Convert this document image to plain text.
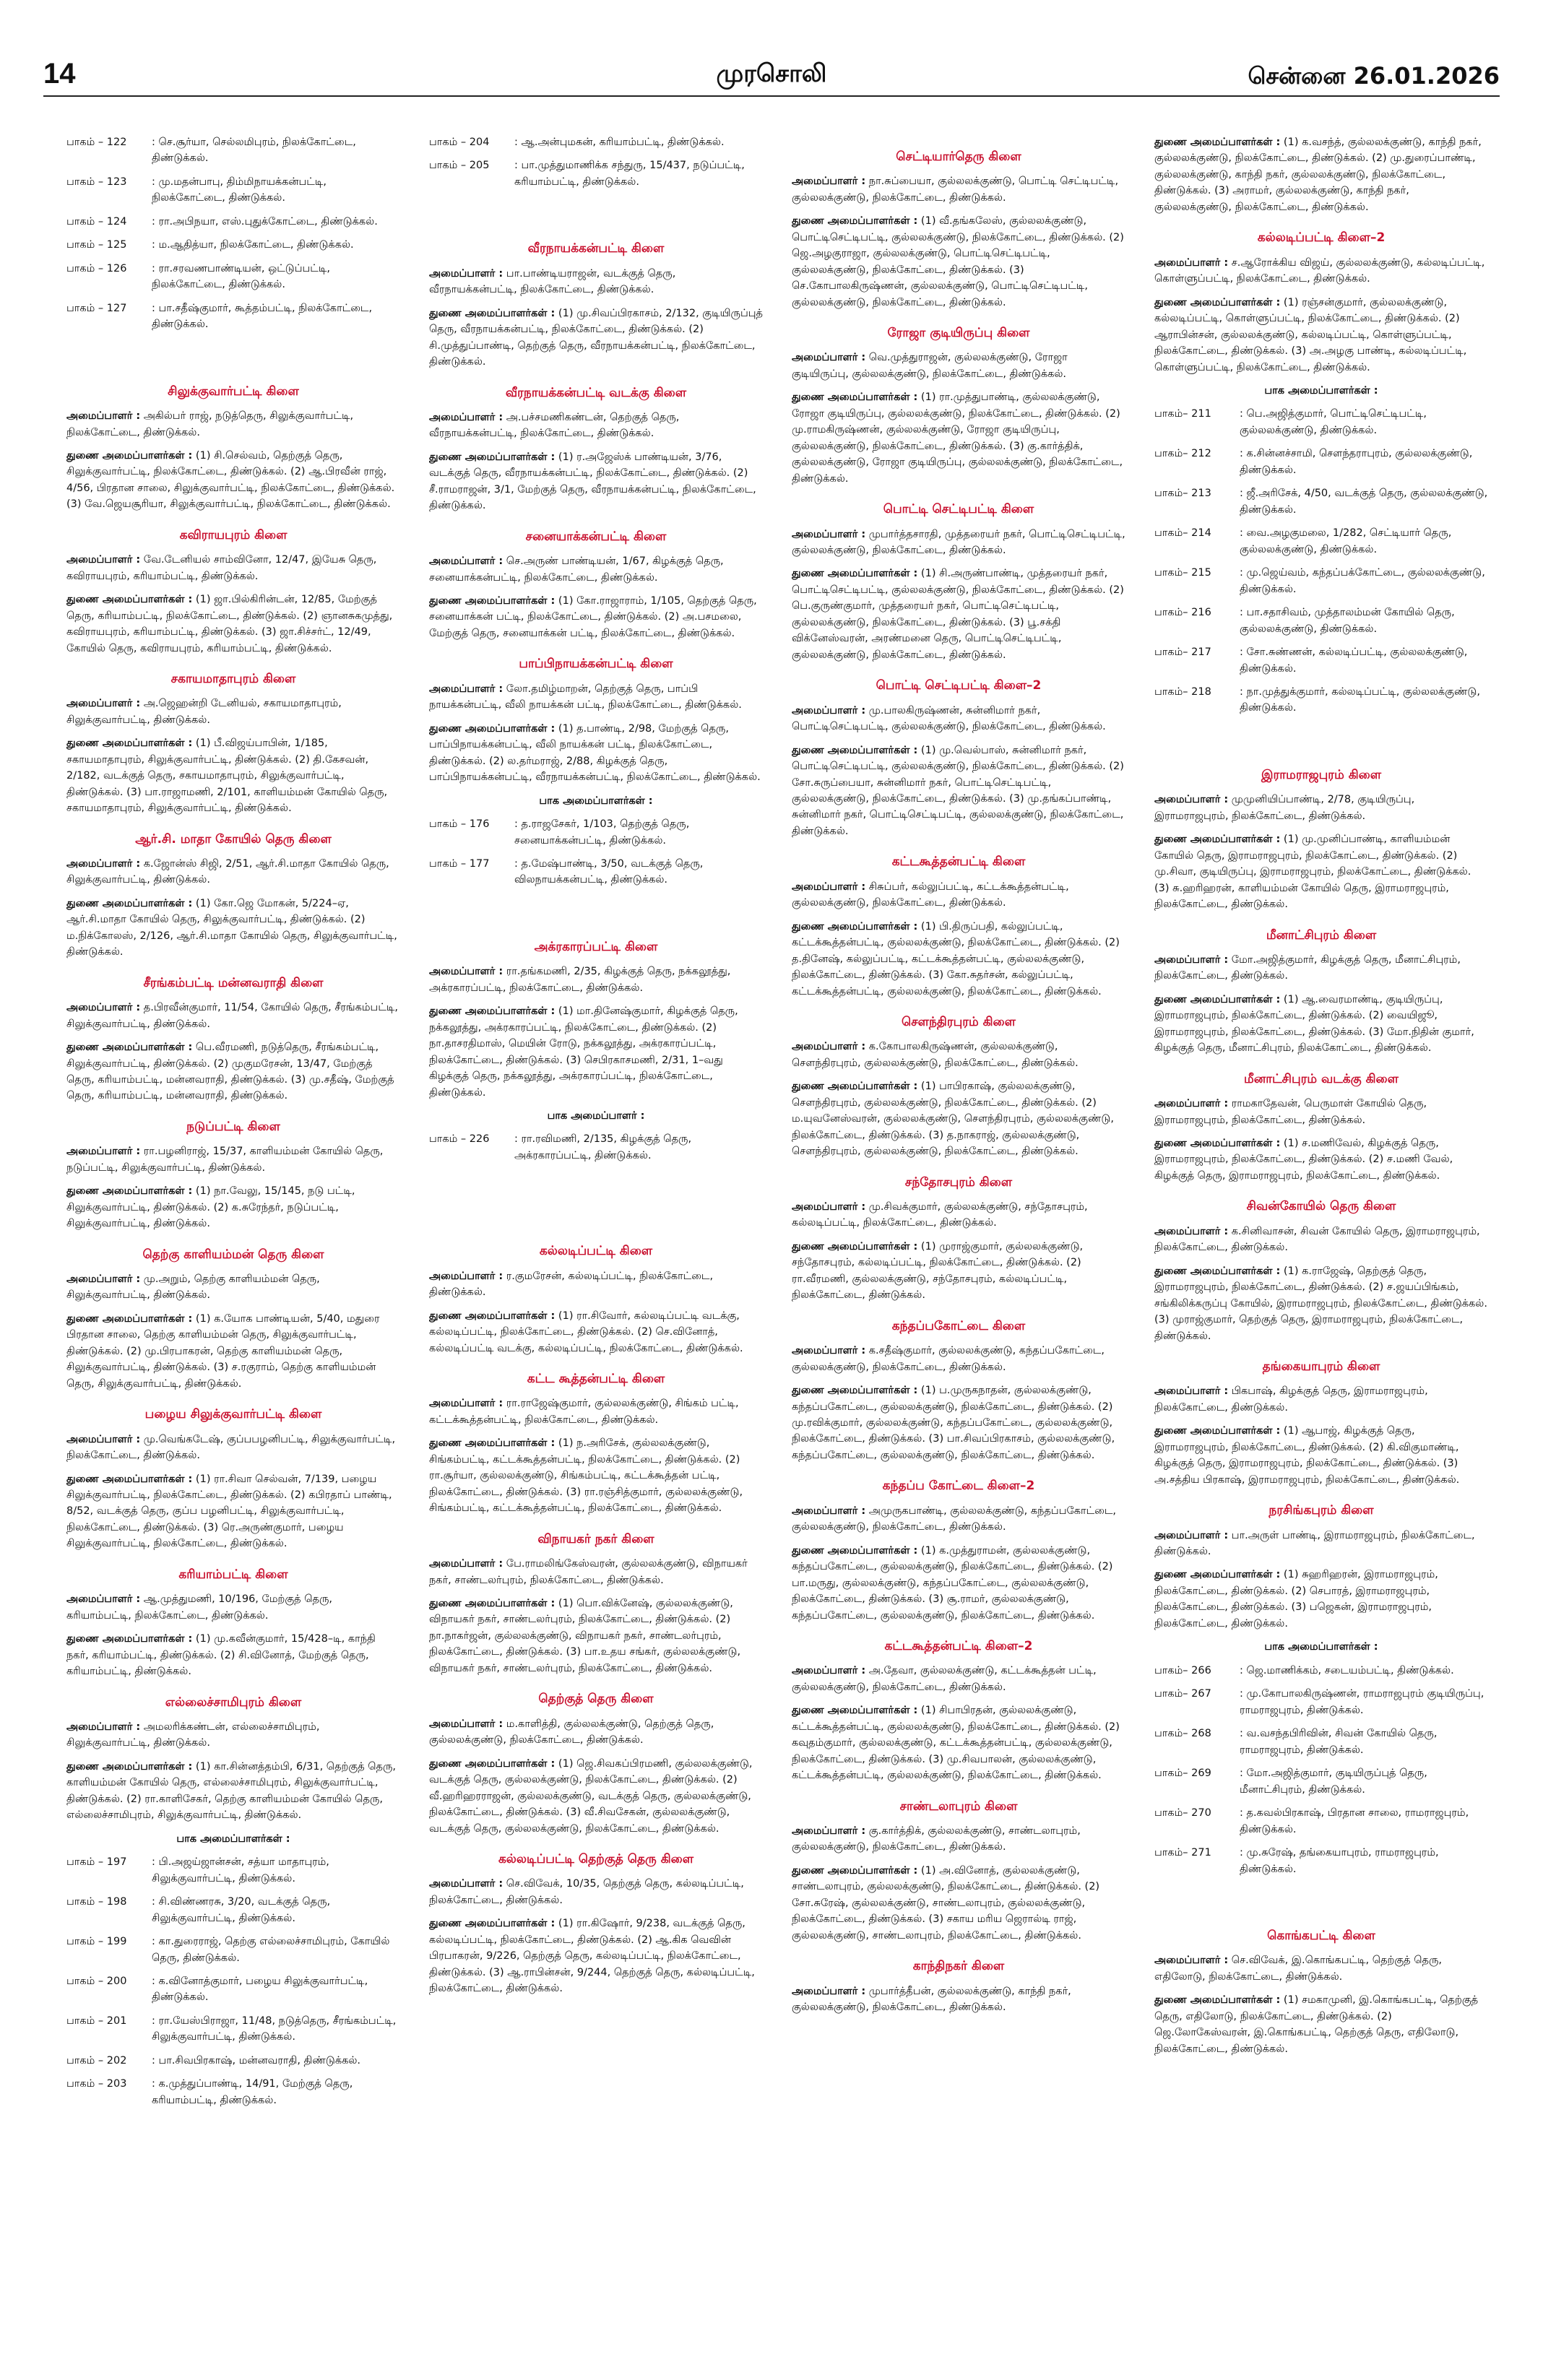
14	முரசொலி	சென்னை 26.01.2026
பாகம் – 122	: செ.சூர்யா, செல்லமிபுரம், நிலக்கோட்டை, திண்டுக்கல்.
பாகம் – 123	: மு.மதன்பாபு, திம்மிநாயக்கன்பட்டி, நிலக்கோட்டை, திண்டுக்கல்.
பாகம் – 124	: ரா.அபிநயா, எஸ்.புதுக்கோட்டை, திண்டுக்கல்.
பாகம் – 125	: ம.ஆதித்யா, நிலக்கோட்டை, திண்டுக்கல்.
பாகம் – 126	: ரா.சரவணபாண்டியன், ஒட்டுப்பட்டி, நிலக்கோட்டை, திண்டுக்கல்.
பாகம் – 127	: பா.சதீஷ்குமார், கூத்தம்பட்டி, நிலக்கோட்டை, திண்டுக்கல்.
சிலுக்குவார்பட்டி கிளை

அமைப்பாளர் : அகில்பர் ராஜ், நடுத்தெரு, சிலுக்குவார்பட்டி, நிலக்கோட்டை, திண்டுக்கல்.

துணை அமைப்பாளர்கள் : (1) சி.செல்வம், தெற்குத் தெரு, சிலுக்குவார்பட்டி, நிலக்கோட்டை, திண்டுக்கல். (2) ஆ.பிரவீன் ராஜ், 4/56, பிரதான சாலை, சிலுக்குவார்பட்டி, நிலக்கோட்டை, திண்டுக்கல். (3) வே.ஜெயசூரியா, சிலுக்குவார்பட்டி, நிலக்கோட்டை, திண்டுக்கல்.

கவிராயபுரம் கிளை

அமைப்பாளர் : வே.டேனியல் சாம்வினோ, 12/47, இயேசு தெரு, கவிராயபுரம், கரியாம்பட்டி, திண்டுக்கல்.

துணை அமைப்பாளர்கள் : (1) ஜா.பில்கிரின்டன், 12/85, மேற்குத் தெரு, கரியாம்பட்டி, நிலக்கோட்டை, திண்டுக்கல். (2) ஞானசுகமுத்து, கவிராயபுரம், கரியாம்பட்டி, திண்டுக்கல். (3) ஜா.சிச்சர்ட், 12/49, கோயில் தெரு, கவிராயபுரம், கரியாம்பட்டி, திண்டுக்கல்.

சகாயமாதாபுரம் கிளை

அமைப்பாளர் : அ.ஜெஹன்றி டேனியல், சகாயமாதாபுரம், சிலுக்குவார்பட்டி, திண்டுக்கல்.

துணை அமைப்பாளர்கள் : (1) பீ.விஜய்பாபின், 1/185, சகாயமாதாபுரம், சிலுக்குவார்பட்டி, திண்டுக்கல். (2) தி.கேசவன், 2/182, வடக்குத் தெரு, சகாயமாதாபுரம், சிலுக்குவார்பட்டி, திண்டுக்கல். (3) பா.ராஜாமணி, 2/101, காளியம்மன் கோயில் தெரு, சகாயமாதாபுரம், சிலுக்குவார்பட்டி, திண்டுக்கல்.

ஆர்.சி. மாதா கோயில் தெரு கிளை

அமைப்பாளர் : க.ஜோன்ஸ் சிஜி, 2/51, ஆர்.சி.மாதா கோயில் தெரு, சிலுக்குவார்பட்டி, திண்டுக்கல்.

துணை அமைப்பாளர்கள் : (1) கோ.ஜெ மோகன், 5/224–ஏ, ஆர்.சி.மாதா கோயில் தெரு, சிலுக்குவார்பட்டி, திண்டுக்கல். (2) ம.நிக்கோலஸ், 2/126, ஆர்.சி.மாதா கோயில் தெரு, சிலுக்குவார்பட்டி, திண்டுக்கல்.

சீரங்கம்பட்டி மன்னவராதி கிளை

அமைப்பாளர் : த.பிரவீன்குமார், 11/54, கோயில் தெரு, சீரங்கம்பட்டி, சிலுக்குவார்பட்டி, திண்டுக்கல்.

துணை அமைப்பாளர்கள் : பெ.வீரமணி, நடுத்தெரு, சீரங்கம்பட்டி, சிலுக்குவார்பட்டி, திண்டுக்கல். (2) முகுமரேசன், 13/47, மேற்குத் தெரு, கரியாம்பட்டி, மன்னவராதி, திண்டுக்கல். (3) மு.சதீஷ், மேற்குத் தெரு, கரியாம்பட்டி, மன்னவராதி, திண்டுக்கல்.

நடுப்பட்டி கிளை

அமைப்பாளர் : ரா.பழனிராஜ், 15/37, காளியம்மன் கோயில் தெரு, நடுப்பட்டி, சிலுக்குவார்பட்டி, திண்டுக்கல்.

துணை அமைப்பாளர்கள் : (1) நா.வேலு, 15/145, நடு பட்டி, சிலுக்குவார்பட்டி, திண்டுக்கல். (2) க.சுரேந்தர், நடுப்பட்டி, சிலுக்குவார்பட்டி, திண்டுக்கல்.

தெற்கு காளியம்மன் தெரு கிளை

அமைப்பாளர் : மு.அறும், தெற்கு காளியம்மன் தெரு, சிலுக்குவார்பட்டி, திண்டுக்கல்.

துணை அமைப்பாளர்கள் : (1) க.யோக பாண்டியன், 5/40, மதுரை பிரதான சாலை, தெற்கு காளியம்மன் தெரு, சிலுக்குவார்பட்டி, திண்டுக்கல். (2) மு.பிரபாகரன், தெற்கு காளியம்மன் தெரு, சிலுக்குவார்பட்டி, திண்டுக்கல். (3) ச.ரகுராம், தெற்கு காளியம்மன் தெரு, சிலுக்குவார்பட்டி, திண்டுக்கல்.

பழைய சிலுக்குவார்பட்டி கிளை

அமைப்பாளர் : மு.வெங்கடேஷ், குப்பபழனிபட்டி, சிலுக்குவார்பட்டி, நிலக்கோட்டை, திண்டுக்கல்.

துணை அமைப்பாளர்கள் : (1) ரா.சிவா செல்வன், 7/139, பழைய சிலுக்குவார்பட்டி, நிலக்கோட்டை, திண்டுக்கல். (2) கபிரதாப் பாண்டி, 8/52, வடக்குத் தெரு, குப்ப பழனிபட்டி, சிலுக்குவார்பட்டி, நிலக்கோட்டை, திண்டுக்கல். (3) ரெ.அருண்குமார், பழைய சிலுக்குவார்பட்டி, நிலக்கோட்டை, திண்டுக்கல்.

கரியாம்பட்டி கிளை

அமைப்பாளர் : ஆ.முத்துமணி, 10/196, மேற்குத் தெரு, கரியாம்பட்டி, நிலக்கோட்டை, திண்டுக்கல்.

துணை அமைப்பாளர்கள் : (1) மு.கவீன்குமார், 15/428–டி, காந்தி நகர், கரியாம்பட்டி, திண்டுக்கல். (2) சி.வினோத், மேற்குத் தெரு, கரியாம்பட்டி, திண்டுக்கல்.

எல்லைச்சாமிபுரம் கிளை

அமைப்பாளர் : அமலரிக்கண்டன், எல்லைச்சாமிபுரம், சிலுக்குவார்பட்டி, திண்டுக்கல்.

துணை அமைப்பாளர்கள் : (1) கா.சின்னத்தம்பி, 6/31, தெற்குத் தெரு, காளியம்மன் கோயில் தெரு, எல்லைச்சாமிபுரம், சிலுக்குவார்பட்டி, திண்டுக்கல். (2) ரா.காளிசேகர், தெற்கு காளியம்மன் கோயில் தெரு, எல்லைச்சாமிபுரம், சிலுக்குவார்பட்டி, திண்டுக்கல்.

பாக அமைப்பாளர்கள் :
பாகம் – 197	: பி.அஜய்ஜான்சன், சத்யா மாதாபுரம், சிலுக்குவார்பட்டி, திண்டுக்கல்.
பாகம் – 198	: சி.விண்ணரசு, 3/20, வடக்குத் தெரு, சிலுக்குவார்பட்டி, திண்டுக்கல்.
பாகம் – 199	: கா.துரைராஜ், தெற்கு எல்லைச்சாமிபுரம், கோயில் தெரு, திண்டுக்கல்.
பாகம் – 200	: க.வினோத்குமார், பழைய சிலுக்குவார்பட்டி, திண்டுக்கல்.
பாகம் – 201	: ரா.யேஸ்பிராஜா, 11/48, நடுத்தெரு, சீரங்கம்பட்டி, சிலுக்குவார்பட்டி, திண்டுக்கல்.
பாகம் – 202	: பா.சிவபிரகாஷ், மன்னவராதி, திண்டுக்கல்.
பாகம் – 203	: க.முத்துப்பாண்டி, 14/91, மேற்குத் தெரு, கரியாம்பட்டி, திண்டுக்கல்.
பாகம் – 204	: ஆ.அன்புமகன், கரியாம்பட்டி, திண்டுக்கல்.
பாகம் – 205	: பா.முத்துமாணிக்க சந்துரு, 15/437, நடுப்பட்டி, கரியாம்பட்டி, திண்டுக்கல்.
வீரநாயக்கன்பட்டி கிளை

அமைப்பாளர் : பா.பாண்டியராஜன், வடக்குத் தெரு, வீரநாயக்கன்பட்டி, நிலக்கோட்டை, திண்டுக்கல்.

துணை அமைப்பாளர்கள் : (1) மு.சிவப்பிரகாசம், 2/132, குடியிருப்புத் தெரு, வீரநாயக்கன்பட்டி, நிலக்கோட்டை, திண்டுக்கல். (2) சி.முத்துப்பாண்டி, தெற்குத் தெரு, வீரநாயக்கன்பட்டி, நிலக்கோட்டை, திண்டுக்கல்.

வீரநாயக்கன்பட்டி வடக்கு கிளை

அமைப்பாளர் : அ.பச்சமணிகண்டன், தெற்குத் தெரு, வீரநாயக்கன்பட்டி, நிலக்கோட்டை, திண்டுக்கல்.

துணை அமைப்பாளர்கள் : (1) ர.அஜேஸ்க் பாண்டியன், 3/76, வடக்குத் தெரு, வீரநாயக்கன்பட்டி, நிலக்கோட்டை, திண்டுக்கல். (2) சீ.ராமராஜன், 3/1, மேற்குத் தெரு, வீரநாயக்கன்பட்டி, நிலக்கோட்டை, திண்டுக்கல்.

சனையாக்கன்பட்டி கிளை

அமைப்பாளர் : செ.அருண் பாண்டியன், 1/67, கிழக்குத் தெரு, சனையாக்கன்பட்டி, நிலக்கோட்டை, திண்டுக்கல்.

துணை அமைப்பாளர்கள் : (1) கோ.ராஜாராம், 1/105, தெற்குத் தெரு, சனையாக்கன் பட்டி, நிலக்கோட்டை, திண்டுக்கல். (2) அ.பசமலை, மேற்குத் தெரு, சனையாக்கன் பட்டி, நிலக்கோட்டை, திண்டுக்கல்.

பாப்பிநாயக்கன்பட்டி கிளை

அமைப்பாளர் : லோ.தமிழ்மாறன், தெற்குத் தெரு, பாப்பி நாயக்கன்பட்டி, வீலி நாயக்கன் பட்டி, நிலக்கோட்டை, திண்டுக்கல்.

துணை அமைப்பாளர்கள் : (1) த.பாண்டி, 2/98, மேற்குத் தெரு, பாப்பிநாயக்கன்பட்டி, வீலி நாயக்கன் பட்டி, நிலக்கோட்டை, திண்டுக்கல். (2) ல.தர்மராஜ், 2/88, கிழக்குத் தெரு, பாப்பிநாயக்கன்பட்டி, வீரநாயக்கன்பட்டி, நிலக்கோட்டை, திண்டுக்கல்.

பாக அமைப்பாளர்கள் :
பாகம் – 176	: த.ராஜசேகர், 1/103, தெற்குத் தெரு, சனையாக்கன்பட்டி, திண்டுக்கல்.
பாகம் – 177	: த.மேஷ்பாண்டி, 3/50, வடக்குத் தெரு, விலநாயக்கன்பட்டி, திண்டுக்கல்.
அக்ரகாரப்பட்டி கிளை

அமைப்பாளர் : ரா.தங்கமணி, 2/35, கிழக்குத் தெரு, நக்கலூத்து, அக்ரகாரப்பட்டி, நிலக்கோட்டை, திண்டுக்கல்.

துணை அமைப்பாளர்கள் : (1) மா.தினேஷ்குமார், கிழக்குத் தெரு, நக்கலூத்து, அக்ரகாரப்பட்டி, நிலக்கோட்டை, திண்டுக்கல். (2) நா.தாசரதிமாஸ், மெயின் ரோடு, நக்கலூத்து, அக்ரகாரப்பட்டி, நிலக்கோட்டை, திண்டுக்கல். (3) செபிரகாசமணி, 2/31, 1–வது கிழக்குத் தெரு, நக்கலூத்து, அக்ரகாரப்பட்டி, நிலக்கோட்டை, திண்டுக்கல்.

பாக அமைப்பாளர் :
பாகம் – 226	: ரா.ரவிமணி, 2/135, கிழக்குத் தெரு, அக்ரகாரப்பட்டி, திண்டுக்கல்.
கல்லடிப்பட்டி கிளை

அமைப்பாளர் : ர.குமரேசன், கல்லடிப்பட்டி, நிலக்கோட்டை, திண்டுக்கல்.

துணை அமைப்பாளர்கள் : (1) ரா.சிவோர், கல்லடிப்பட்டி வடக்கு, கல்லடிப்பட்டி, நிலக்கோட்டை, திண்டுக்கல். (2) செ.வினோத், கல்லடிப்பட்டி வடக்கு, கல்லடிப்பட்டி, நிலக்கோட்டை, திண்டுக்கல்.

கட்ட கூத்தன்பட்டி கிளை

அமைப்பாளர் : ரா.ராஜேஷ்குமார், குல்லலக்குண்டு, சிங்கம் பட்டி, கட்டக்கூத்தன்பட்டி, நிலக்கோட்டை, திண்டுக்கல்.

துணை அமைப்பாளர்கள் : (1) ந.அரிசேக், குல்லலக்குண்டு, சிங்கம்பட்டி, கட்டக்கூத்தன்பட்டி, நிலக்கோட்டை, திண்டுக்கல். (2) ரா.சூர்யா, குல்லலக்குண்டு, சிங்கம்பட்டி, கட்டக்கூத்தன் பட்டி, நிலக்கோட்டை, திண்டுக்கல். (3) ரா.ரஞ்சித்குமார், குல்லலக்குண்டு, சிங்கம்பட்டி, கட்டக்கூத்தன்பட்டி, நிலக்கோட்டை, திண்டுக்கல்.

விநாயகர் நகர் கிளை

அமைப்பாளர் : பே.ராமலிங்கேஸ்வரன், குல்லலக்குண்டு, விநாயகர் நகர், சாண்டலர்புரம், நிலக்கோட்டை, திண்டுக்கல்.

துணை அமைப்பாளர்கள் : (1) பொ.விக்னேஷ், குல்லலக்குண்டு, விநாயகர் நகர், சாண்டலர்புரம், நிலக்கோட்டை, திண்டுக்கல். (2) நா.நாகர்ஜன், குல்லலக்குண்டு, விநாயகர் நகர், சாண்டலர்புரம், நிலக்கோட்டை, திண்டுக்கல். (3) பா.உதய சங்கர், குல்லலக்குண்டு, விநாயகர் நகர், சாண்டலர்புரம், நிலக்கோட்டை, திண்டுக்கல்.

தெற்குத் தெரு கிளை

அமைப்பாளர் : ம.காளித்தி, குல்லலக்குண்டு, தெற்குத் தெரு, குல்லலக்குண்டு, நிலக்கோட்டை, திண்டுக்கல்.

துணை அமைப்பாளர்கள் : (1) ஜெ.சிவகப்பிரமணி, குல்லலக்குண்டு, வடக்குத் தெரு, குல்லலக்குண்டு, நிலக்கோட்டை, திண்டுக்கல். (2) வீ.ஹரிஹரராஜன், குல்லலக்குண்டு, வடக்குத் தெரு, குல்லலக்குண்டு, நிலக்கோட்டை, திண்டுக்கல். (3) வீ.சிவசேகன், குல்லலக்குண்டு, வடக்குத் தெரு, குல்லலக்குண்டு, நிலக்கோட்டை, திண்டுக்கல்.

கல்லடிப்பட்டி தெற்குத் தெரு கிளை

அமைப்பாளர் : செ.விவேக், 10/35, தெற்குத் தெரு, கல்லடிப்பட்டி, நிலக்கோட்டை, திண்டுக்கல்.

துணை அமைப்பாளர்கள் : (1) ரா.கிஷோர், 9/238, வடக்குத் தெரு, கல்லடிப்பட்டி, நிலக்கோட்டை, திண்டுக்கல். (2) ஆ.கிக வெவின் பிரபாகரன், 9/226, தெற்குத் தெரு, கல்லடிப்பட்டி, நிலக்கோட்டை, திண்டுக்கல். (3) ஆ.ராபின்சன், 9/244, தெற்குத் தெரு, கல்லடிப்பட்டி, நிலக்கோட்டை, திண்டுக்கல்.

செட்டியார்தெரு கிளை

அமைப்பாளர் : நா.சுப்பையா, குல்லலக்குண்டு, பொட்டி செட்டிபட்டி, குல்லலக்குண்டு, நிலக்கோட்டை, திண்டுக்கல்.

துணை அமைப்பாளர்கள் : (1) வீ.தங்கலேஸ், குல்லலக்குண்டு, பொட்டிசெட்டிபட்டி, குல்லலக்குண்டு, நிலக்கோட்டை, திண்டுக்கல். (2) ஜெ.அழகுராஜா, குல்லலக்குண்டு, பொட்டிசெட்டிபட்டி, குல்லலக்குண்டு, நிலக்கோட்டை, திண்டுக்கல். (3) செ.கோபாலகிருஷ்ணன், குல்லலக்குண்டு, பொட்டிசெட்டிபட்டி, குல்லலக்குண்டு, நிலக்கோட்டை, திண்டுக்கல்.

ரோஜா குடியிருப்பு கிளை

அமைப்பாளர் : வெ.முத்துராஜன், குல்லலக்குண்டு, ரோஜா குடியிருப்பு, குல்லலக்குண்டு, நிலக்கோட்டை, திண்டுக்கல்.

துணை அமைப்பாளர்கள் : (1) ரா.முத்துபாண்டி, குல்லலக்குண்டு, ரோஜா குடியிருப்பு, குல்லலக்குண்டு, நிலக்கோட்டை, திண்டுக்கல். (2) மு.ராமகிருஷ்ணன், குல்லலக்குண்டு, ரோஜா குடியிருப்பு, குல்லலக்குண்டு, நிலக்கோட்டை, திண்டுக்கல். (3) கு.கார்த்திக், குல்லலக்குண்டு, ரோஜா குடியிருப்பு, குல்லலக்குண்டு, நிலக்கோட்டை, திண்டுக்கல்.

பொட்டி செட்டிபட்டி கிளை

அமைப்பாளர் : முபார்த்தசாரதி, முத்தரையர் நகர், பொட்டிசெட்டிபட்டி, குல்லலக்குண்டு, நிலக்கோட்டை, திண்டுக்கல்.

துணை அமைப்பாளர்கள் : (1) சி.அருண்பாண்டி, முத்தரையர் நகர், பொட்டிசெட்டிபட்டி, குல்லலக்குண்டு, நிலக்கோட்டை, திண்டுக்கல். (2) பெ.குருண்குமார், முத்தரையர் நகர், பொட்டிசெட்டிபட்டி, குல்லலக்குண்டு, நிலக்கோட்டை, திண்டுக்கல். (3) பூ.சக்தி விக்னேஸ்வரன், அரண்மனை தெரு, பொட்டிசெட்டிபட்டி, குல்லலக்குண்டு, நிலக்கோட்டை, திண்டுக்கல்.

பொட்டி செட்டிபட்டி கிளை–2

அமைப்பாளர் : மு.பாலகிருஷ்ணன், சுன்னிமார் நகர், பொட்டிசெட்டிபட்டி, குல்லலக்குண்டு, நிலக்கோட்டை, திண்டுக்கல்.

துணை அமைப்பாளர்கள் : (1) மு.வெல்பாஸ், சுன்னிமார் நகர், பொட்டிசெட்டிபட்டி, குல்லலக்குண்டு, நிலக்கோட்டை, திண்டுக்கல். (2) சோ.சுருப்பையா, சுன்னிமார் நகர், பொட்டிசெட்டிபட்டி, குல்லலக்குண்டு, நிலக்கோட்டை, திண்டுக்கல். (3) மு.தங்கப்பாண்டி, சுன்னிமார் நகர், பொட்டிசெட்டிபட்டி, குல்லலக்குண்டு, நிலக்கோட்டை, திண்டுக்கல்.

கட்டகூத்தன்பட்டி கிளை

அமைப்பாளர் : சிசுப்பர், கல்லுப்பட்டி, கட்டக்கூத்தன்பட்டி, குல்லலக்குண்டு, நிலக்கோட்டை, திண்டுக்கல்.

துணை அமைப்பாளர்கள் : (1) பி.திருப்பதி, கல்லுப்பட்டி, கட்டக்கூத்தன்பட்டி, குல்லலக்குண்டு, நிலக்கோட்டை, திண்டுக்கல். (2) த.தினேஷ், கல்லுப்பட்டி, கட்டக்கூத்தன்பட்டி, குல்லலக்குண்டு, நிலக்கோட்டை, திண்டுக்கல். (3) கோ.சுதர்சன், கல்லுப்பட்டி, கட்டக்கூத்தன்பட்டி, குல்லலக்குண்டு, நிலக்கோட்டை, திண்டுக்கல்.

சௌந்திரபுரம் கிளை

அமைப்பாளர் : க.கோபாலகிருஷ்ணன், குல்லலக்குண்டு, சௌந்திரபுரம், குல்லலக்குண்டு, நிலக்கோட்டை, திண்டுக்கல்.

துணை அமைப்பாளர்கள் : (1) பாபிரகாஷ், குல்லலக்குண்டு, சௌந்திரபுரம், குல்லலக்குண்டு, நிலக்கோட்டை, திண்டுக்கல். (2) ம.யுவனேஸ்வரன், குல்லலக்குண்டு, சௌந்திரபுரம், குல்லலக்குண்டு, நிலக்கோட்டை, திண்டுக்கல். (3) த.நாகராஜ், குல்லலக்குண்டு, சௌந்திரபுரம், குல்லலக்குண்டு, நிலக்கோட்டை, திண்டுக்கல்.

சந்தோசபுரம் கிளை

அமைப்பாளர் : மு.சிவக்குமார், குல்லலக்குண்டு, சந்தோசபுரம், கல்லடிப்பட்டி, நிலக்கோட்டை, திண்டுக்கல்.

துணை அமைப்பாளர்கள் : (1) முராஜ்குமார், குல்லலக்குண்டு, சந்தோசபுரம், கல்லடிப்பட்டி, நிலக்கோட்டை, திண்டுக்கல். (2) ரா.வீரமணி, குல்லலக்குண்டு, சந்தோசபுரம், கல்லடிப்பட்டி, நிலக்கோட்டை, திண்டுக்கல்.

கந்தப்பகோட்டை கிளை

அமைப்பாளர் : க.சதீஷ்குமார், குல்லலக்குண்டு, கந்தப்பகோட்டை, குல்லலக்குண்டு, நிலக்கோட்டை, திண்டுக்கல்.

துணை அமைப்பாளர்கள் : (1) ப.முருகநாதன், குல்லலக்குண்டு, கந்தப்பகோட்டை, குல்லலக்குண்டு, நிலக்கோட்டை, திண்டுக்கல். (2) மு.ரவிக்குமார், குல்லலக்குண்டு, கந்தப்பகோட்டை, குல்லலக்குண்டு, நிலக்கோட்டை, திண்டுக்கல். (3) பா.சிவப்பிரகாசம், குல்லலக்குண்டு, கந்தப்பகோட்டை, குல்லலக்குண்டு, நிலக்கோட்டை, திண்டுக்கல்.

கந்தப்ப கோட்டை கிளை–2

அமைப்பாளர் : அமுருகபாண்டி, குல்லலக்குண்டு, கந்தப்பகோட்டை, குல்லலக்குண்டு, நிலக்கோட்டை, திண்டுக்கல்.

துணை அமைப்பாளர்கள் : (1) க.முத்துராமன், குல்லலக்குண்டு, கந்தப்பகோட்டை, குல்லலக்குண்டு, நிலக்கோட்டை, திண்டுக்கல். (2) பா.மருது, குல்லலக்குண்டு, கந்தப்பகோட்டை, குல்லலக்குண்டு, நிலக்கோட்டை, திண்டுக்கல். (3) சூ.ராமர், குல்லலக்குண்டு, கந்தப்பகோட்டை, குல்லலக்குண்டு, நிலக்கோட்டை, திண்டுக்கல்.

கட்டகூத்தன்பட்டி கிளை–2

அமைப்பாளர் : அ.தேவா, குல்லலக்குண்டு, கட்டக்கூத்தன் பட்டி, குல்லலக்குண்டு, நிலக்கோட்டை, திண்டுக்கல்.

துணை அமைப்பாளர்கள் : (1) சிபாபிரதன், குல்லலக்குண்டு, கட்டக்கூத்தன்பட்டி, குல்லலக்குண்டு, நிலக்கோட்டை, திண்டுக்கல். (2) கவுதம்குமார், குல்லலக்குண்டு, கட்டக்கூத்தன்பட்டி, குல்லலக்குண்டு, நிலக்கோட்டை, திண்டுக்கல். (3) மு.சிவபாலன், குல்லலக்குண்டு, கட்டக்கூத்தன்பட்டி, குல்லலக்குண்டு, நிலக்கோட்டை, திண்டுக்கல்.

சாண்டலாபுரம் கிளை

அமைப்பாளர் : கு.கார்த்திக், குல்லலக்குண்டு, சாண்டலாபுரம், குல்லலக்குண்டு, நிலக்கோட்டை, திண்டுக்கல்.

துணை அமைப்பாளர்கள் : (1) அ.வினோத், குல்லலக்குண்டு, சாண்டலாபுரம், குல்லலக்குண்டு, நிலக்கோட்டை, திண்டுக்கல். (2) சோ.சுரேஷ், குல்லலக்குண்டு, சாண்டலாபுரம், குல்லலக்குண்டு, நிலக்கோட்டை, திண்டுக்கல். (3) சகாய மரிய ஜெரால்டி ராஜ், குல்லலக்குண்டு, சாண்டலாபுரம், நிலக்கோட்டை, திண்டுக்கல்.

காந்திநகர் கிளை

அமைப்பாளர் : முபார்த்தீபன், குல்லலக்குண்டு, காந்தி நகர், குல்லலக்குண்டு, நிலக்கோட்டை, திண்டுக்கல்.

துணை அமைப்பாளர்கள் : (1) க.வசந்த், குல்லலக்குண்டு, காந்தி நகர், குல்லலக்குண்டு, நிலக்கோட்டை, திண்டுக்கல். (2) மு.துரைப்பாண்டி, குல்லலக்குண்டு, காந்தி நகர், குல்லலக்குண்டு, நிலக்கோட்டை, திண்டுக்கல். (3) அராமர், குல்லலக்குண்டு, காந்தி நகர், குல்லலக்குண்டு, நிலக்கோட்டை, திண்டுக்கல்.

கல்லடிப்பட்டி கிளை–2

அமைப்பாளர் : ச.ஆரோக்கிய விஜய், குல்லலக்குண்டு, கல்லடிப்பட்டி, கொள்ளுப்பட்டி, நிலக்கோட்டை, திண்டுக்கல்.

துணை அமைப்பாளர்கள் : (1) ரஞ்சன்குமார், குல்லலக்குண்டு, கல்லடிப்பட்டி, கொள்ளுப்பட்டி, நிலக்கோட்டை, திண்டுக்கல். (2) ஆராபின்சன், குல்லலக்குண்டு, கல்லடிப்பட்டி, கொள்ளுப்பட்டி, நிலக்கோட்டை, திண்டுக்கல். (3) அ.அழகு பாண்டி, கல்லடிப்பட்டி, கொள்ளுப்பட்டி, நிலக்கோட்டை, திண்டுக்கல்.

பாக அமைப்பாளர்கள் :
பாகம்– 211	: பெ.அஜித்குமார், பொட்டிசெட்டிபட்டி, குல்லலக்குண்டு, திண்டுக்கல்.
பாகம்– 212	: க.சின்னச்சாமி, சௌந்தராபுரம், குல்லலக்குண்டு, திண்டுக்கல்.
பாகம்– 213	: ஜீ.அரிசேக், 4/50, வடக்குத் தெரு, குல்லலக்குண்டு, திண்டுக்கல்.
பாகம்– 214	: வை.அழகுமலை, 1/282, செட்டியார் தெரு, குல்லலக்குண்டு, திண்டுக்கல்.
பாகம்– 215	: மு.ஜெய்வம், கந்தப்பக்கோட்டை, குல்லலக்குண்டு, திண்டுக்கல்.
பாகம்– 216	: பா.சதாசிவம், முத்தாலம்மன் கோயில் தெரு, குல்லலக்குண்டு, திண்டுக்கல்.
பாகம்– 217	: சோ.சுண்ணன், கல்லடிப்பட்டி, குல்லலக்குண்டு, திண்டுக்கல்.
பாகம்– 218	: நா.முத்துக்குமார், கல்லடிப்பட்டி, குல்லலக்குண்டு, திண்டுக்கல்.
இராமராஜபுரம் கிளை

அமைப்பாளர் : முமுனியிப்பாண்டி, 2/78, குடியிருப்பு, இராமராஜபுரம், நிலக்கோட்டை, திண்டுக்கல்.

துணை அமைப்பாளர்கள் : (1) மு.முனிப்பாண்டி, காளியம்மன் கோயில் தெரு, இராமராஜபுரம், நிலக்கோட்டை, திண்டுக்கல். (2) மு.சிவா, குடியிருப்பு, இராமராஜபுரம், நிலக்கோட்டை, திண்டுக்கல். (3) சு.ஹரிஹரன், காளியம்மன் கோயில் தெரு, இராமராஜபுரம், நிலக்கோட்டை, திண்டுக்கல்.

மீனாட்சிபுரம் கிளை

அமைப்பாளர் : மோ.அஜித்குமார், கிழக்குத் தெரு, மீனாட்சிபுரம், நிலக்கோட்டை, திண்டுக்கல்.

துணை அமைப்பாளர்கள் : (1) ஆ.வைரமாண்டி, குடியிருப்பு, இராமராஜபுரம், நிலக்கோட்டை, திண்டுக்கல். (2) வையிஜூ, இராமராஜபுரம், நிலக்கோட்டை, திண்டுக்கல். (3) மோ.நிதின் குமார், கிழக்குத் தெரு, மீனாட்சிபுரம், நிலக்கோட்டை, திண்டுக்கல்.

மீனாட்சிபுரம் வடக்கு கிளை

அமைப்பாளர் : ராமகாதேவன், பெருமாள் கோயில் தெரு, இராமராஜபுரம், நிலக்கோட்டை, திண்டுக்கல்.

துணை அமைப்பாளர்கள் : (1) ச.மணிவேல், கிழக்குத் தெரு, இராமராஜபுரம், நிலக்கோட்டை, திண்டுக்கல். (2) ச.மணி வேல், கிழக்குத் தெரு, இராமராஜபுரம், நிலக்கோட்டை, திண்டுக்கல்.

சிவன்கோயில் தெரு கிளை

அமைப்பாளர் : க.சினிவாசன், சிவன் கோயில் தெரு, இராமராஜபுரம், நிலக்கோட்டை, திண்டுக்கல்.

துணை அமைப்பாளர்கள் : (1) க.ராஜேஷ், தெற்குத் தெரு, இராமராஜபுரம், நிலக்கோட்டை, திண்டுக்கல். (2) ச.ஜயப்பிங்கம், சங்கிலிக்கருப்பு கோயில், இராமராஜபுரம், நிலக்கோட்டை, திண்டுக்கல். (3) முராஜ்குமார், தெற்குத் தெரு, இராமராஜபுரம், நிலக்கோட்டை, திண்டுக்கல்.

தங்கையாபுரம் கிளை

அமைப்பாளர் : பிகபாஷ், கிழக்குத் தெரு, இராமராஜபுரம், நிலக்கோட்டை, திண்டுக்கல்.

துணை அமைப்பாளர்கள் : (1) ஆபாஜ், கிழக்குத் தெரு, இராமராஜபுரம், நிலக்கோட்டை, திண்டுக்கல். (2) கி.விகுமாண்டி, கிழக்குத் தெரு, இராமராஜபுரம், நிலக்கோட்டை, திண்டுக்கல். (3) அ.சத்திய பிரகாஷ், இராமராஜபுரம், நிலக்கோட்டை, திண்டுக்கல்.

நரசிங்கபுரம் கிளை

அமைப்பாளர் : பா.அருள் பாண்டி, இராமராஜபுரம், நிலக்கோட்டை, திண்டுக்கல்.

துணை அமைப்பாளர்கள் : (1) சுஹரிஹரன், இராமராஜபுரம், நிலக்கோட்டை, திண்டுக்கல். (2) செபாரத், இராமராஜபுரம், நிலக்கோட்டை, திண்டுக்கல். (3) பஜெகன், இராமராஜபுரம், நிலக்கோட்டை, திண்டுக்கல்.

பாக அமைப்பாளர்கள் :
பாகம்– 266	: ஜெ.மாணிக்கம், சடையம்பட்டி, திண்டுக்கல்.
பாகம்– 267	: மு.கோபாலகிருஷ்ணன், ராமராஜபுரம் குடியிருப்பு, ராமராஜபுரம், திண்டுக்கல்.
பாகம்– 268	: வ.வசந்தபிரிவின், சிவன் கோயில் தெரு, ராமராஜபுரம், திண்டுக்கல்.
பாகம்– 269	: மோ.அஜித்குமார், குடியிருப்புத் தெரு, மீனாட்சிபுரம், திண்டுக்கல்.
பாகம்– 270	: த.கவல்பிரகாஷ், பிரதான சாலை, ராமராஜபுரம், திண்டுக்கல்.
பாகம்– 271	: மு.சுரேஷ், தங்கையாபுரம், ராமராஜபுரம், திண்டுக்கல்.
கொங்கபட்டி கிளை

அமைப்பாளர் : செ.விவேக், இ.கொங்கபட்டி, தெற்குத் தெரு, எதிலோடு, நிலக்கோட்டை, திண்டுக்கல்.

துணை அமைப்பாளர்கள் : (1) சமகாமுனி, இ.கொங்கபட்டி, தெற்குத் தெரு, எதிலோடு, நிலக்கோட்டை, திண்டுக்கல். (2) ஜெ.லோகேஸ்வரன், இ.கொங்கபட்டி, தெற்குத் தெரு, எதிலோடு, நிலக்கோட்டை, திண்டுக்கல்.
